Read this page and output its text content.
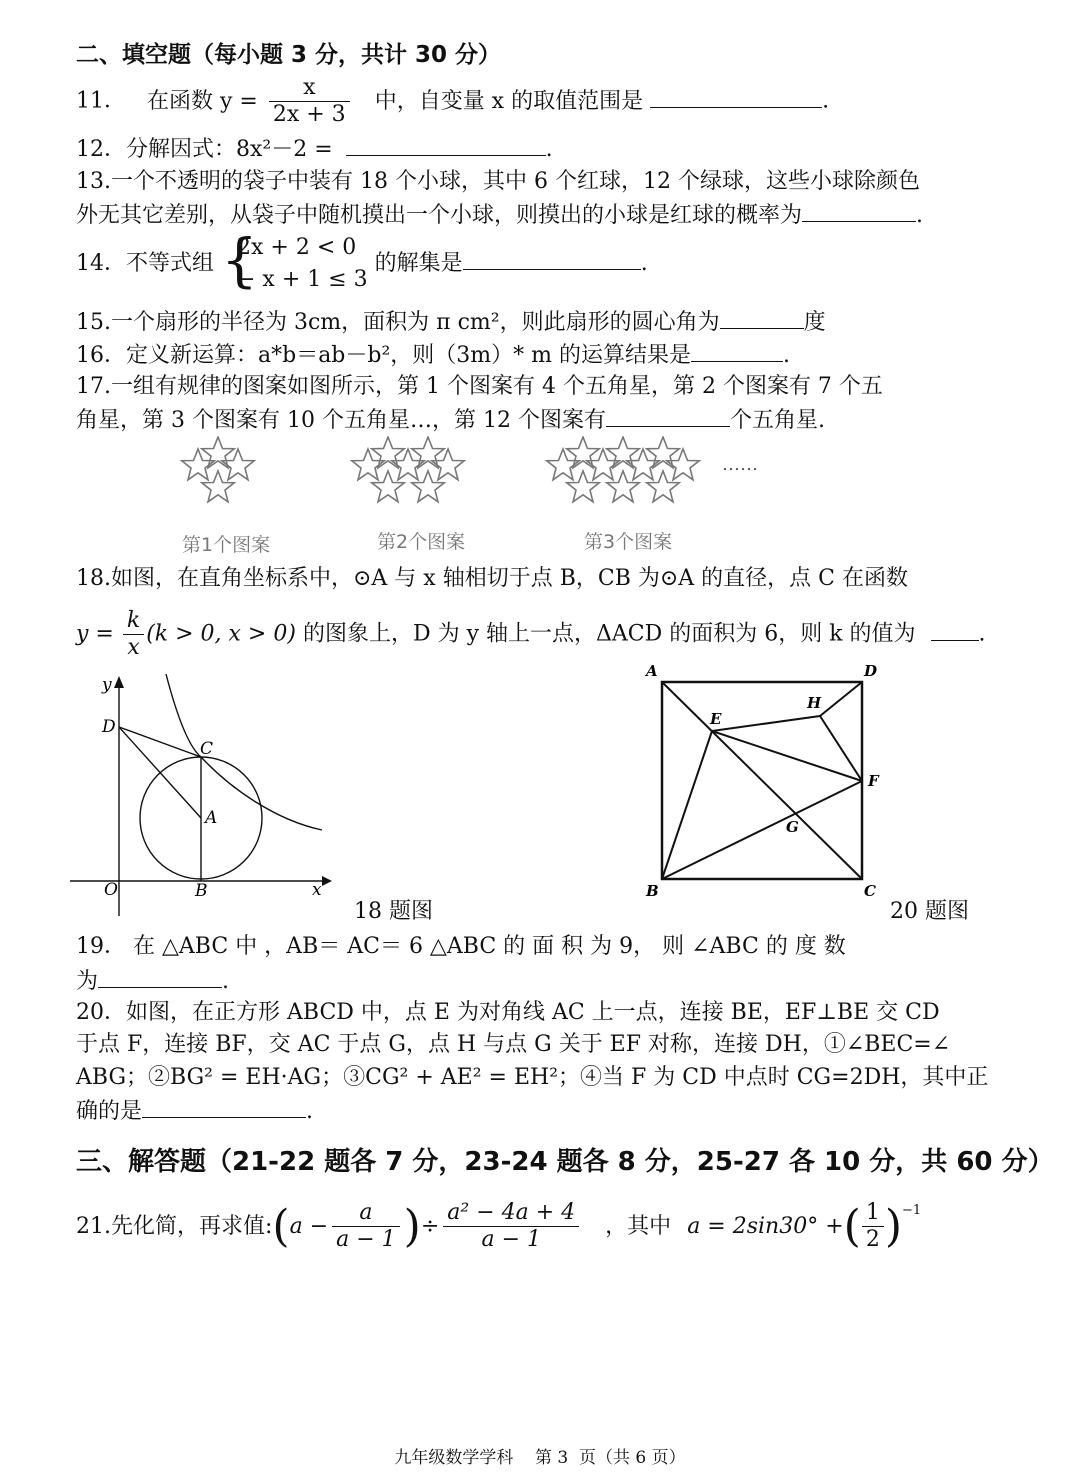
二、填空题（每小题 3 分，共计 30 分）
11． 在函数 $y = \frac{x}{2x + 3}$ 中，自变量 x 的取值范围是	.
12．分解因式：8x²－2 =	.
13.一个不透明的袋子中装有 18 个小球，其中 6 个红球，12 个绿球，这些小球除颜色
外无其它差别，从袋子中随机摸出一个小球，则摸出的小球是红球的概率为	.
14．不等式组 {
2x + 2 < 0
− x + 1 ≤ 3
的解集是	.
15.一个扇形的半径为 3cm，面积为 π cm²，则此扇形的圆心角为	度
16．定义新运算：a*b＝ab－b²，则（3m）* m 的运算结果是	.
17.一组有规律的图案如图所示，第 1 个图案有 4 个五角星，第 2 个图案有 7 个五
角星，第 3 个图案有 10 个五角星…，第 12 个图案有	个五角星.
……
第1个图案	第2个图案	第3个图案
18.如图，在直角坐标系中，⊙A 与 x 轴相切于点 B，CB 为⊙A 的直径，点 C 在函数
$y = \frac{k}{x} (k > 0$, x > 0) 的图象上，D 为 y 轴上一点，ΔACD 的面积为 6，则 k 的值为	.
y
x
D
C
A
O	B
18 题图
A	D
H
E
F
G
B	C
20 题图
19． 在 △ABC 中 ，AB＝ AC＝ 6 △ABC 的 面 积 为 9， 则 ∠ABC 的 度 数
为	.
20．如图，在正方形 ABCD 中，点 E 为对角线 AC 上一点，连接 BE，EF⊥BE 交 CD
于点 F，连接 BF，交 AC 于点 G，点 H 与点 G 关于 EF 对称，连接 DH，①∠BEC=∠
ABG；②BG² = EH·AG；③CG² + AE² = EH²；④当 F 为 CD 中点时 CG=2DH，其中正
确的是	.
三、解答题（21-22 题各 7 分，23-24 题各 8 分，25-27 各 10 分，共 60 分）
21.先化简，再求值: ( $a - \frac{a}{a - 1}$ ) ÷ $\frac{\text{a² − 4a + 4}}{a - 1}$ ，其中 a = 2sin30° + ( $\frac{1}{2}$ ) −1
九年级数学学科    第 3  页（共 6 页）
